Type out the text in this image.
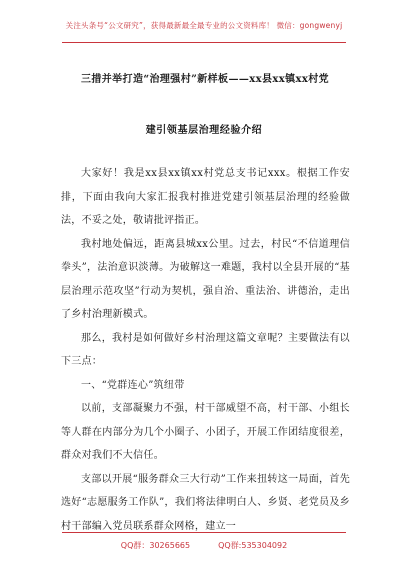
关注头条号“公文研究”，获得最新最全最专业的公文资料库！ 微信：gongwenyj
三措并举打造“治理强村”新样板——xx县xx镇xx村党
建引领基层治理经验介绍

大家好！我是xx县xx镇xx村党总支书记xxx。根据工作安排，下面由我向大家汇报我村推进党建引领基层治理的经验做法，不妥之处，敬请批评指正。

我村地处偏远，距离县城xx公里。过去，村民“不信道理信拳头”，法治意识淡薄。为破解这一难题，我村以全县开展的“基层治理示范攻坚”行动为契机，强自治、重法治、讲德治，走出了乡村治理新模式。

那么，我村是如何做好乡村治理这篇文章呢？主要做法有以下三点：

一、“党群连心”筑纽带

以前，支部凝聚力不强，村干部威望不高，村干部、小组长等人群在内部分为几个小圈子、小团子，开展工作团结度很差，群众对我们不大信任。

支部以开展“服务群众三大行动”工作来扭转这一局面，首先选好“志愿服务工作队”，我们将法律明白人、乡贤、老党员及乡村干部编入党员联系群众网格，建立一

QQ群：30265665	QQ群:535304092
